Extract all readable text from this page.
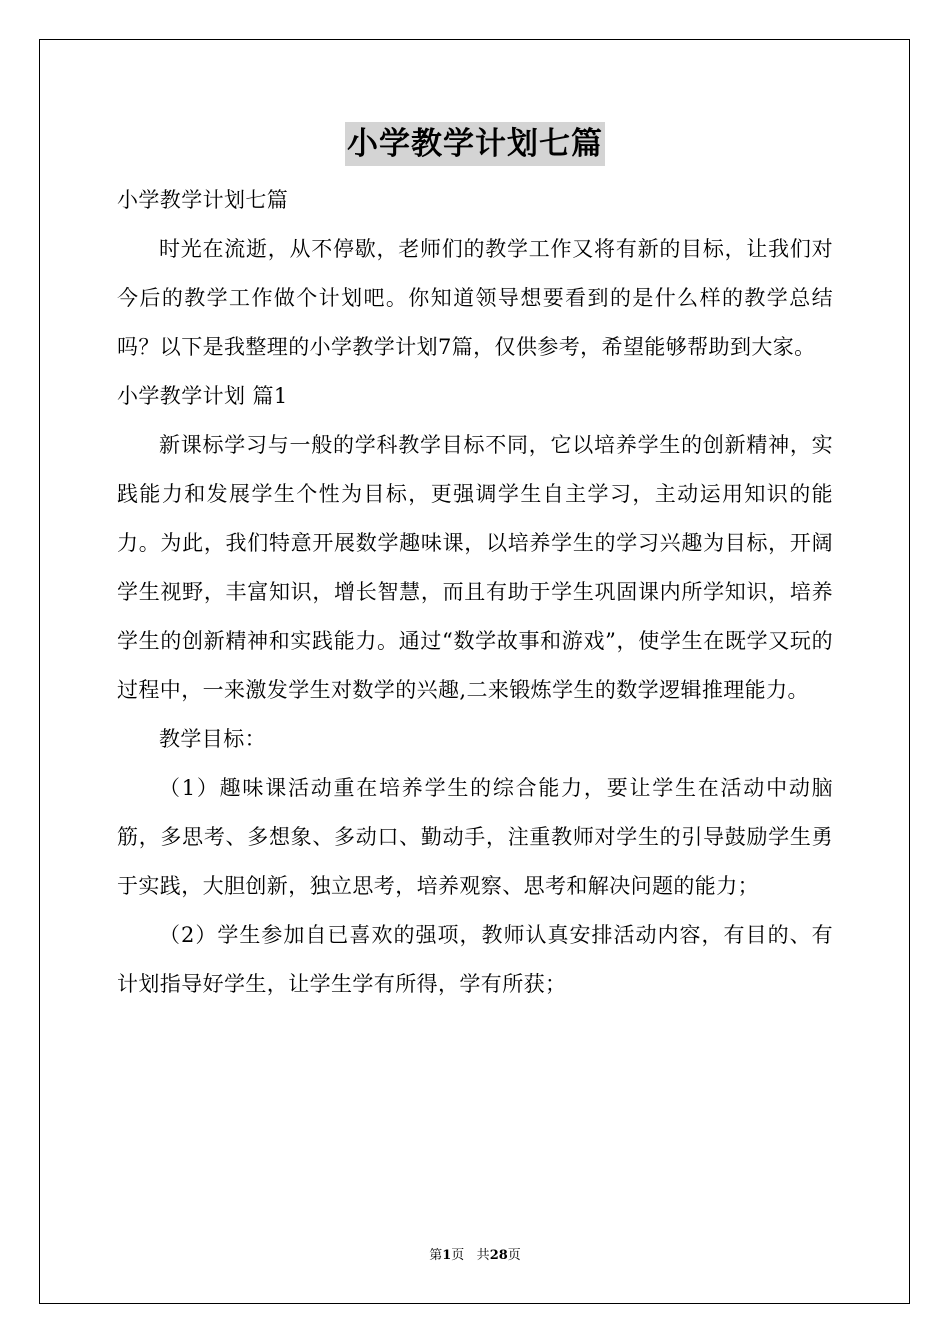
小学教学计划七篇

小学教学计划七篇

时光在流逝，从不停歇，老师们的教学工作又将有新的目标，让我们对今后的教学工作做个计划吧。你知道领导想要看到的是什么样的教学总结吗？以下是我整理的小学教学计划7篇，仅供参考，希望能够帮助到大家。

小学教学计划 篇1

新课标学习与一般的学科教学目标不同，它以培养学生的创新精神，实践能力和发展学生个性为目标，更强调学生自主学习，主动运用知识的能力。为此，我们特意开展数学趣味课，以培养学生的学习兴趣为目标，开阔学生视野，丰富知识，增长智慧，而且有助于学生巩固课内所学知识，培养学生的创新精神和实践能力。通过“数学故事和游戏”，使学生在既学又玩的过程中，一来激发学生对数学的兴趣,二来锻炼学生的数学逻辑推理能力。

教学目标：

（1）趣味课活动重在培养学生的综合能力，要让学生在活动中动脑筋，多思考、多想象、多动口、勤动手，注重教师对学生的引导鼓励学生勇于实践，大胆创新，独立思考，培养观察、思考和解决问题的能力；

（2）学生参加自已喜欢的强项，教师认真安排活动内容，有目的、有计划指导好学生，让学生学有所得，学有所获；

第1页 共28页
